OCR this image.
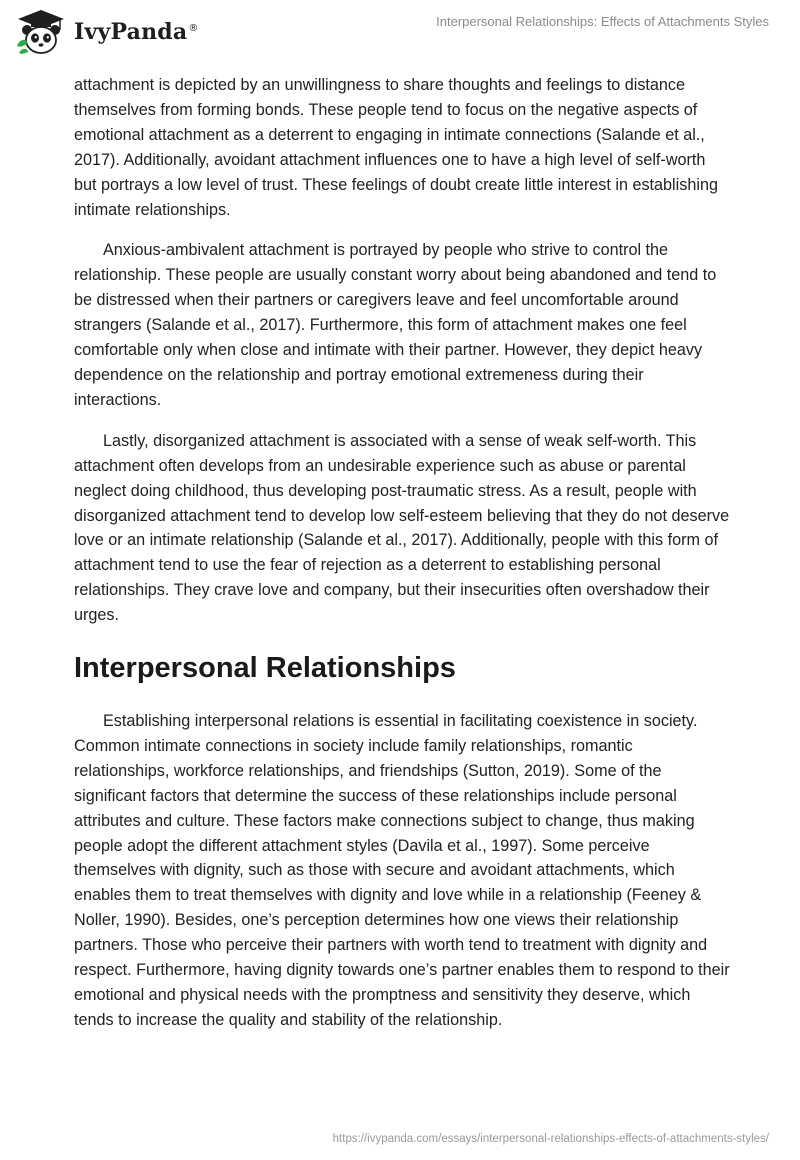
IvyPanda®	Interpersonal Relationships: Effects of Attachments Styles

attachment is depicted by an unwillingness to share thoughts and feelings to distance themselves from forming bonds. These people tend to focus on the negative aspects of emotional attachment as a deterrent to engaging in intimate connections (Salande et al., 2017). Additionally, avoidant attachment influences one to have a high level of self-worth but portrays a low level of trust. These feelings of doubt create little interest in establishing intimate relationships.

Anxious-ambivalent attachment is portrayed by people who strive to control the relationship. These people are usually constant worry about being abandoned and tend to be distressed when their partners or caregivers leave and feel uncomfortable around strangers (Salande et al., 2017). Furthermore, this form of attachment makes one feel comfortable only when close and intimate with their partner. However, they depict heavy dependence on the relationship and portray emotional extremeness during their interactions.

Lastly, disorganized attachment is associated with a sense of weak self-worth. This attachment often develops from an undesirable experience such as abuse or parental neglect doing childhood, thus developing post-traumatic stress. As a result, people with disorganized attachment tend to develop low self-esteem believing that they do not deserve love or an intimate relationship (Salande et al., 2017). Additionally, people with this form of attachment tend to use the fear of rejection as a deterrent to establishing personal relationships. They crave love and company, but their insecurities often overshadow their urges.

Interpersonal Relationships

Establishing interpersonal relations is essential in facilitating coexistence in society. Common intimate connections in society include family relationships, romantic relationships, workforce relationships, and friendships (Sutton, 2019). Some of the significant factors that determine the success of these relationships include personal attributes and culture. These factors make connections subject to change, thus making people adopt the different attachment styles (Davila et al., 1997). Some perceive themselves with dignity, such as those with secure and avoidant attachments, which enables them to treat themselves with dignity and love while in a relationship (Feeney & Noller, 1990). Besides, one’s perception determines how one views their relationship partners. Those who perceive their partners with worth tend to treatment with dignity and respect. Furthermore, having dignity towards one’s partner enables them to respond to their emotional and physical needs with the promptness and sensitivity they deserve, which tends to increase the quality and stability of the relationship.

https://ivypanda.com/essays/interpersonal-relationships-effects-of-attachments-styles/
